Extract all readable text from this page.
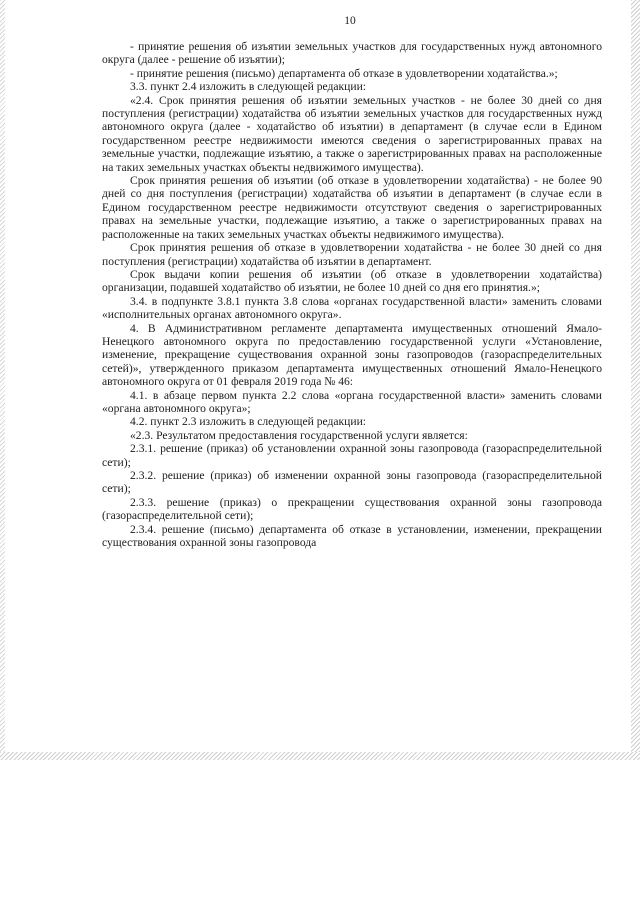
10

- принятие решения об изъятии земельных участков для государственных нужд автономного округа (далее - решение об изъятии);

- принятие решения (письмо) департамента об отказе в удовлетворении ходатайства.»;

3.3. пункт 2.4 изложить в следующей редакции:

«2.4. Срок принятия решения об изъятии земельных участков - не более 30 дней со дня поступления (регистрации) ходатайства об изъятии земельных участков для государственных нужд автономного округа (далее - ходатайство об изъятии) в департамент (в случае если в Едином государственном реестре недвижимости имеются сведения о зарегистрированных правах на земельные участки, подлежащие изъятию, а также о зарегистрированных правах на расположенные на таких земельных участках объекты недвижимого имущества).

Срок принятия решения об изъятии (об отказе в удовлетворении ходатайства) - не более 90 дней со дня поступления (регистрации) ходатайства об изъятии в департамент (в случае если в Едином государственном реестре недвижимости отсутствуют сведения о зарегистрированных правах на земельные участки, подлежащие изъятию, а также о зарегистрированных правах на расположенные на таких земельных участках объекты недвижимого имущества).

Срок принятия решения об отказе в удовлетворении ходатайства - не более 30 дней со дня поступления (регистрации) ходатайства об изъятии в департамент.

Срок выдачи копии решения об изъятии (об отказе в удовлетворении ходатайства) организации, подавшей ходатайство об изъятии, не более 10 дней со дня его принятия.»;

3.4. в подпункте 3.8.1 пункта 3.8 слова «органах государственной власти» заменить словами «исполнительных органах автономного округа».

4. В Административном регламенте департамента имущественных отношений Ямало-Ненецкого автономного округа по предоставлению государственной услуги «Установление, изменение, прекращение существования охранной зоны газопроводов (газораспределительных сетей)», утвержденного приказом департамента имущественных отношений Ямало-Ненецкого автономного округа от 01 февраля 2019 года № 46:

4.1. в абзаце первом пункта 2.2 слова «органа государственной власти» заменить словами «органа автономного округа»;

4.2. пункт 2.3 изложить в следующей редакции:

«2.3. Результатом предоставления государственной услуги является:

2.3.1. решение (приказ) об установлении охранной зоны газопровода (газораспределительной сети);

2.3.2. решение (приказ) об изменении охранной зоны газопровода (газораспределительной сети);

2.3.3. решение (приказ) о прекращении существования охранной зоны газопровода (газораспределительной сети);

2.3.4. решение (письмо) департамента об отказе в установлении, изменении, прекращении существования охранной зоны газопровода
